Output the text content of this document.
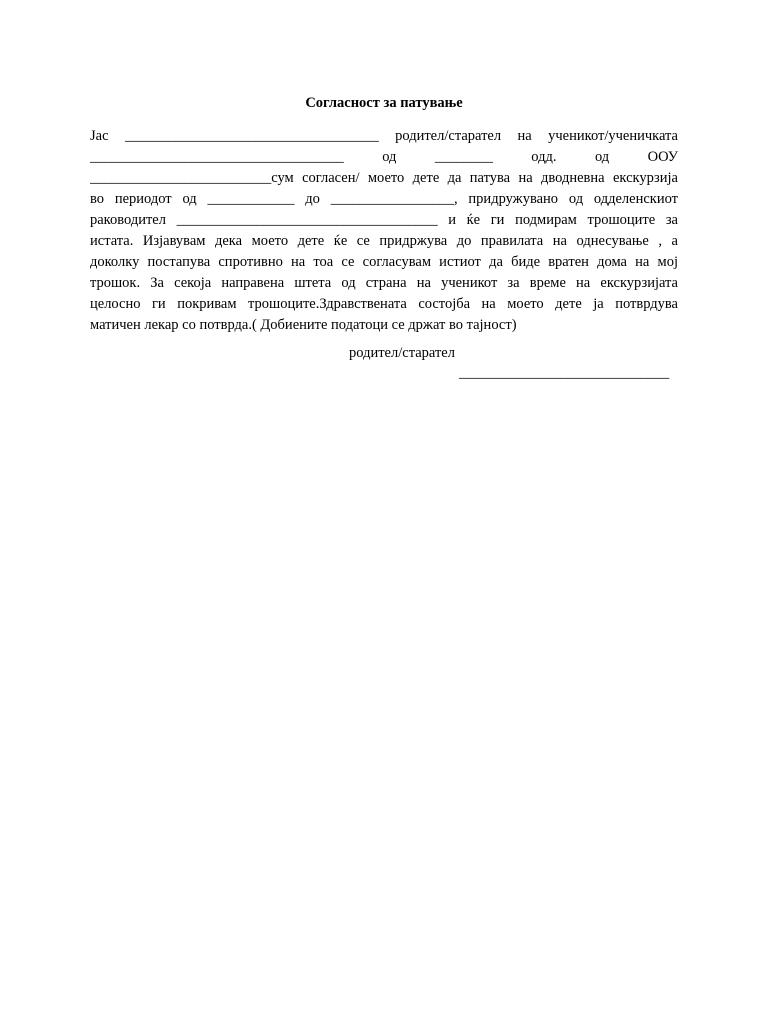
Согласност за патување

Јас ___________________________________ родител/старател на ученикот/ученичката
___________________________________ од ________ одд. од ООУ
_________________________сум согласен/ моето дете да патува на дводневна екскурзија
во периодот од ____________ до _________________, придружувано од одделенскиот
раководител ____________________________________ и ќе ги подмирам трошоците за
истата. Изјавувам дека моето дете ќе се придржува до правилата на однесување , а
доколку постапува спротивно на тоа се согласувам истиот да биде вратен дома на мој
трошок. За секоја направена штета од страна на ученикот за време на екскурзијата
целосно ги покривам трошоците.Здравствената состојба на моето дете ја потврдува
матичен лекар со потврда.( Добиените податоци се држат во тајност)

родител/старател

_____________________________
